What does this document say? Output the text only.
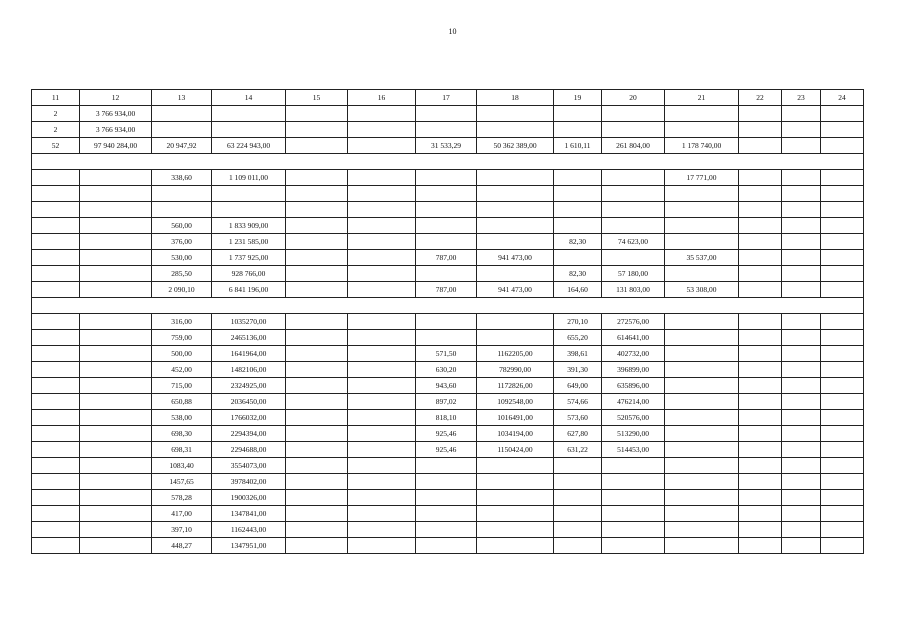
10
11	12	13	14	15	16	17	18	19	20	21	22	23	24
2	3 766 934,00												
2	3 766 934,00												
52	97 940 284,00	20 947,92	63 224 943,00			31 533,29	50 362 389,00	1 610,11	261 804,00	1 178 740,00			

		338,60	1 109 011,00							17 771,00			

		560,00	1 833 909,00										
		376,00	1 231 585,00					82,30	74 623,00				
		530,00	1 737 925,00			787,00	941 473,00			35 537,00			
		285,50	928 766,00					82,30	57 180,00				
		2 090,10	6 841 196,00			787,00	941 473,00	164,60	131 803,00	53 308,00			

		316,00	1035270,00					270,10	272576,00				
		759,00	2465136,00					655,20	614641,00				
		500,00	1641964,00			571,50	1162205,00	398,61	402732,00				
		452,00	1482106,00			630,20	782990,00	391,30	396899,00				
		715,00	2324925,00			943,60	1172826,00	649,00	635896,00				
		650,88	2036450,00			897,02	1092548,00	574,66	476214,00				
		538,00	1766032,00			818,10	1016491,00	573,60	520576,00				
		698,30	2294394,00			925,46	1034194,00	627,80	513290,00				
		698,31	2294688,00			925,46	1150424,00	631,22	514453,00				
		1083,40	3554073,00										
		1457,65	3978402,00										
		578,28	1900326,00										
		417,00	1347841,00										
		397,10	1162443,00										
		448,27	1347951,00										
